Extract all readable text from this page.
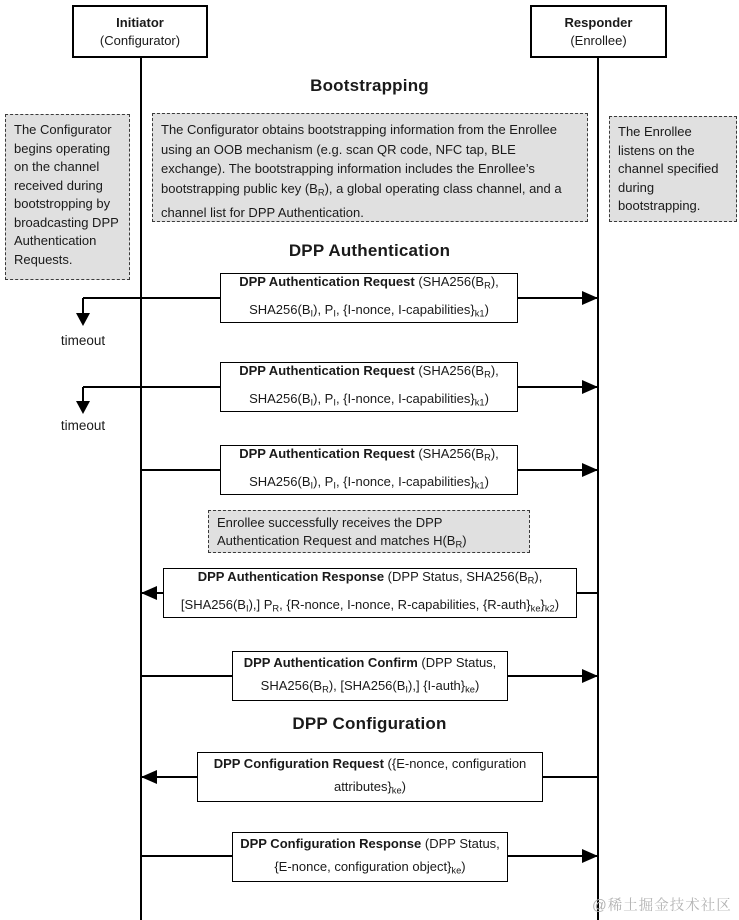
Initiator
(Configurator)
Responder
(Enrollee)
Bootstrapping
DPP Authentication
DPP Configuration
The Configurator begins operating on the channel received during bootstropping by broadcasting DPP Authentication Requests.
The Configurator obtains bootstrapping information from the Enrollee using an OOB mechanism (e.g. scan QR code, NFC tap, BLE exchange). The bootstrapping information includes the Enrollee’s bootstrapping public key $(B_R)$, a global operating class channel, and a channel list for DPP Authentication.
The Enrollee listens on the channel specified during bootstrapping.
DPP Authentication Request ($SHA256(B_R)$,
$SHA256(B_I)$, $P_I$, {I-nonce, $I-capabilities\}_{k1}$)
timeout
DPP Authentication Request ($SHA256(B_R)$,
$SHA256(B_I)$, $P_I$, {I-nonce, $I-capabilities\}_{k1}$)
timeout
DPP Authentication Request ($SHA256(B_R)$,
$SHA256(B_I)$, $P_I$, {I-nonce, $I-capabilities\}_{k1}$)
Enrollee successfully receives the DPP
Authentication Request and matches $H(B_R)$
DPP Authentication Response (DPP Status, $SHA256(B_R)$,
$[SHA256(B_I),]$ $P_R$, {R-nonce, I-nonce, R-capabilities, $\{R-auth\}_{ke}\}_{k2}$)
DPP Authentication Confirm (DPP Status,
$SHA256(B_R)$, $[SHA256(B_I),]$ $\{I-auth\}_{ke}$)
DPP Configuration Request ({E-nonce, configuration
$attributes\}_{ke}$)
DPP Configuration Response (DPP Status,
{E-nonce, configuration $object\}_{ke}$)
@稀土掘金技术社区
